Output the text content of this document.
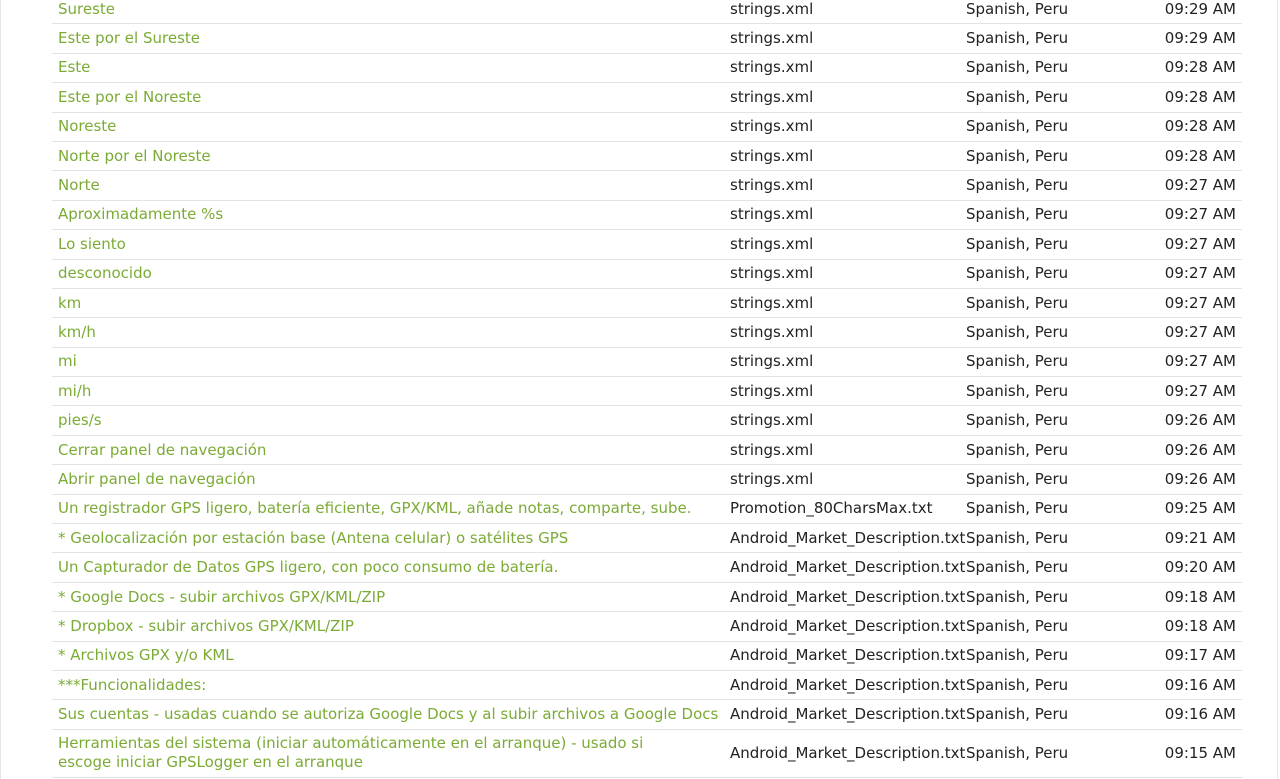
Sureste	strings.xml	Spanish, Peru	09:29 AM
Este por el Sureste	strings.xml	Spanish, Peru	09:29 AM
Este	strings.xml	Spanish, Peru	09:28 AM
Este por el Noreste	strings.xml	Spanish, Peru	09:28 AM
Noreste	strings.xml	Spanish, Peru	09:28 AM
Norte por el Noreste	strings.xml	Spanish, Peru	09:28 AM
Norte	strings.xml	Spanish, Peru	09:27 AM
Aproximadamente %s	strings.xml	Spanish, Peru	09:27 AM
Lo siento	strings.xml	Spanish, Peru	09:27 AM
desconocido	strings.xml	Spanish, Peru	09:27 AM
km	strings.xml	Spanish, Peru	09:27 AM
km/h	strings.xml	Spanish, Peru	09:27 AM
mi	strings.xml	Spanish, Peru	09:27 AM
mi/h	strings.xml	Spanish, Peru	09:27 AM
pies/s	strings.xml	Spanish, Peru	09:26 AM
Cerrar panel de navegación	strings.xml	Spanish, Peru	09:26 AM
Abrir panel de navegación	strings.xml	Spanish, Peru	09:26 AM
Un registrador GPS ligero, batería eficiente, GPX/KML, añade notas, comparte, sube.	Promotion_80CharsMax.txt	Spanish, Peru	09:25 AM
* Geolocalización por estación base (Antena celular) o satélites GPS	Android_Market_Description.txt	Spanish, Peru	09:21 AM
Un Capturador de Datos GPS ligero, con poco consumo de batería.	Android_Market_Description.txt	Spanish, Peru	09:20 AM
* Google Docs - subir archivos GPX/KML/ZIP	Android_Market_Description.txt	Spanish, Peru	09:18 AM
* Dropbox - subir archivos GPX/KML/ZIP	Android_Market_Description.txt	Spanish, Peru	09:18 AM
* Archivos GPX y/o KML	Android_Market_Description.txt	Spanish, Peru	09:17 AM
***Funcionalidades:	Android_Market_Description.txt	Spanish, Peru	09:16 AM
Sus cuentas - usadas cuando se autoriza Google Docs y al subir archivos a Google Docs	Android_Market_Description.txt	Spanish, Peru	09:16 AM
Herramientas del sistema (iniciar automáticamente en el arranque) - usado si escoge iniciar GPSLogger en el arranque	Android_Market_Description.txt	Spanish, Peru	09:15 AM
